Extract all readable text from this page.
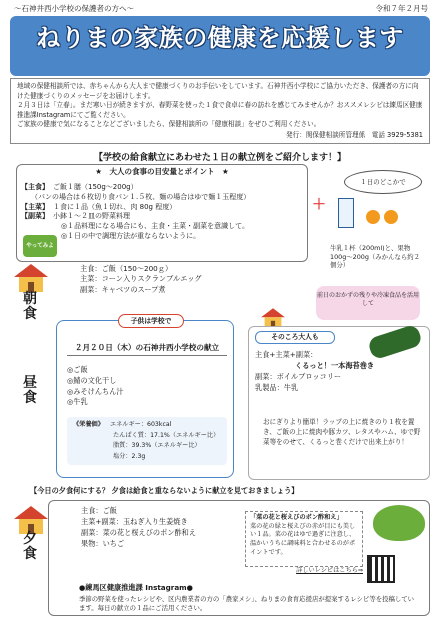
～石神井西小学校の保護者の方へ～	令和７年２月号
ねりまの家族の健康を応援します

地域の保健相談所では、赤ちゃんから大人まで健康づくりのお手伝いをしています。石神井西小学校にご協力いただき、保護者の方に向けた健康づくりのメッセージをお届けします。

２月３日は「立春」。まだ寒い日が続きますが、春野菜を使った１食で食卓に春の訪れを感じてみませんか？おススメレシピは練馬区健康推進課Instagramにてご覧ください。

ご家族の健康で気になることなどございましたら、保健相談所の「健康相談」をぜひご利用ください。

発行：関保健相談所管理係　電話 3929-5381
【学校の給食献立にあわせた１日の献立例をご紹介します！】
★　大人の食事の目安量とポイント　★
【主食】 ご飯１膳（150g～200g）
（パンの場合は６枚切り食パン１.５枚、麺の場合はゆで麺１玉程度）
【主菜】 １食に１品（魚１切れ、肉 80g 程度）
【副菜】 小鉢１～２皿の野菜料理
◎１品料理になる場合にも、主食・主菜・副菜を意識して。
◎１日の中で調理方法が重ならないように。
やってみよう！
＋
１日のどこかで
牛乳１杯（200ml)と、果物 100g～200g（みかんなら約２個分）
朝食
主食：ご飯（150～200ｇ）
主菜：コーン入りスクランブルエッグ
副菜：キャベツのスープ煮
前日のおかずの残りや冷凍食品を活用して
昼食
２月２０日（木）の石神井西小学校の献立
◎ご飯
◎鯖の文化干し
◎みそけんちん汁
◎牛乳
《栄養価》 エネルギー：603kcal
たんぱく質：17.1%（エネルギー比）
脂質：39.3%（エネルギー比）
塩分：2.3g
子供は学校で
そのころ大人も
主食+主菜+副菜：
くるっと！一本海苔巻き
副菜：ボイルブロッコリー
乳製品：牛乳
おにぎりより簡単！ラップの上に焼きのり１枚を置き、ご飯の上に焼肉や豚カツ、レタスやハム、ゆで野菜等をのせて、くるっと巻くだけで出来上がり！
【今日の夕食何にする？ 夕食は給食と重ならないように献立を見ておきましょう】
夕食
主食：ご飯
主菜+副菜：玉ねぎ入り生姜焼き
副菜：菜の花と桜えびのポン酢和え
果物：いちご
「菜の花と桜えびのポン酢和え」
菜の花の緑と桜えびの赤が目にも美しい１品。菜の花はゆで過ぎに注意し、温かいうちに調味料と合わせるのがポイントです。
詳しいレシピはこちら⇒
●練馬区健康推進課 Instagram●
季節の野菜を使ったレシピや、区内農業者の方の「農家メシ」、ねりまの食育応援店が提案するレシピ等を投稿しています。毎日の献立の１品にご活用ください。
